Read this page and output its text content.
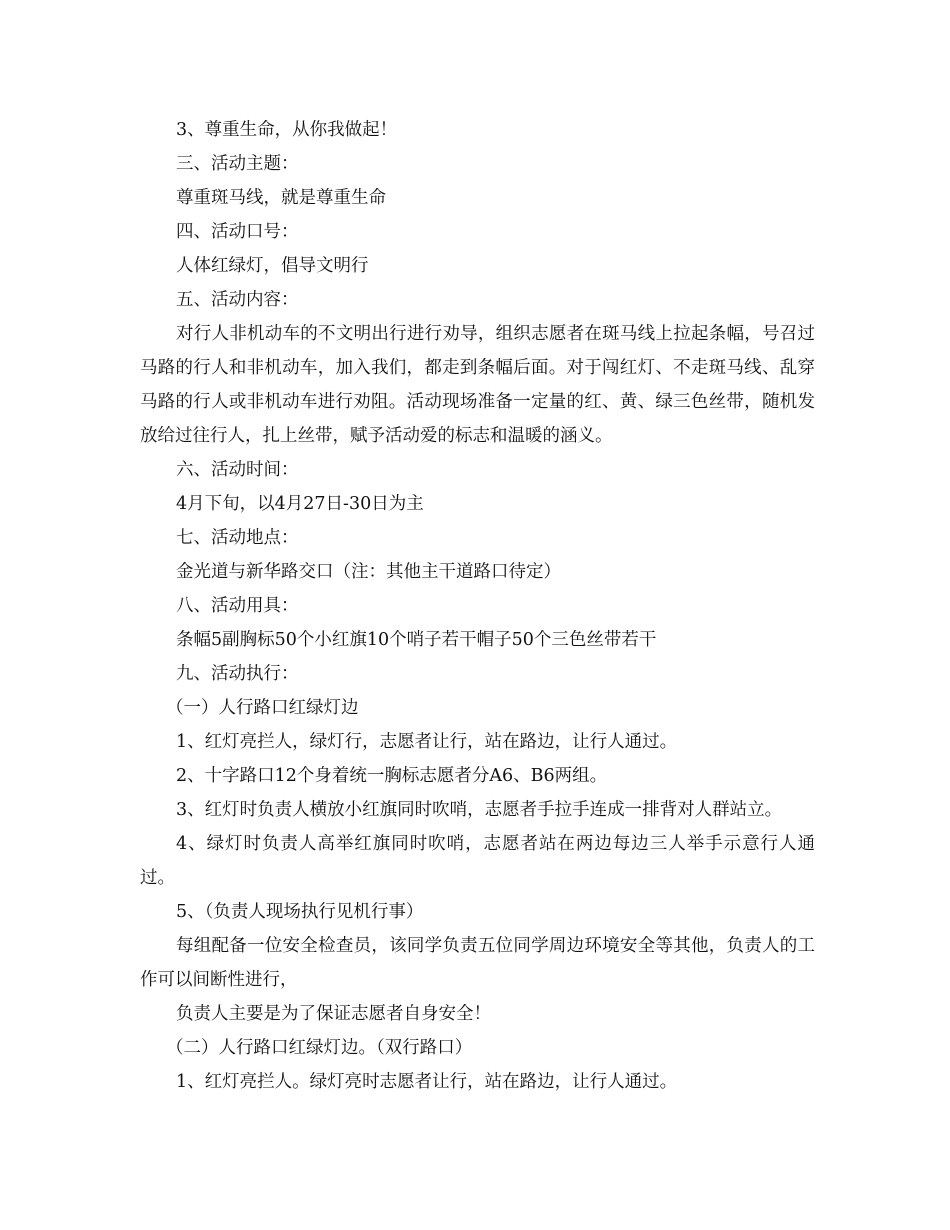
3、尊重生命，从你我做起！

三、活动主题：

尊重斑马线，就是尊重生命

四、活动口号：

人体红绿灯，倡导文明行

五、活动内容：

对行人非机动车的不文明出行进行劝导，组织志愿者在斑马线上拉起条幅，号召过马路的行人和非机动车，加入我们，都走到条幅后面。对于闯红灯、不走斑马线、乱穿马路的行人或非机动车进行劝阻。活动现场准备一定量的红、黄、绿三色丝带，随机发放给过往行人，扎上丝带，赋予活动爱的标志和温暖的涵义。

六、活动时间：

4月下旬，以4月27日-30日为主

七、活动地点：

金光道与新华路交口（注：其他主干道路口待定）

八、活动用具：

条幅5副胸标50个小红旗10个哨子若干帽子50个三色丝带若干

九、活动执行：

（一）人行路口红绿灯边

1、红灯亮拦人，绿灯行，志愿者让行，站在路边，让行人通过。

2、十字路口12个身着统一胸标志愿者分A6、B6两组。

3、红灯时负责人横放小红旗同时吹哨，志愿者手拉手连成一排背对人群站立。

4、绿灯时负责人高举红旗同时吹哨，志愿者站在两边每边三人举手示意行人通过。

5、（负责人现场执行见机行事）

每组配备一位安全检查员，该同学负责五位同学周边环境安全等其他，负责人的工作可以间断性进行，

负责人主要是为了保证志愿者自身安全！

（二）人行路口红绿灯边。（双行路口）

1、红灯亮拦人。绿灯亮时志愿者让行，站在路边，让行人通过。
